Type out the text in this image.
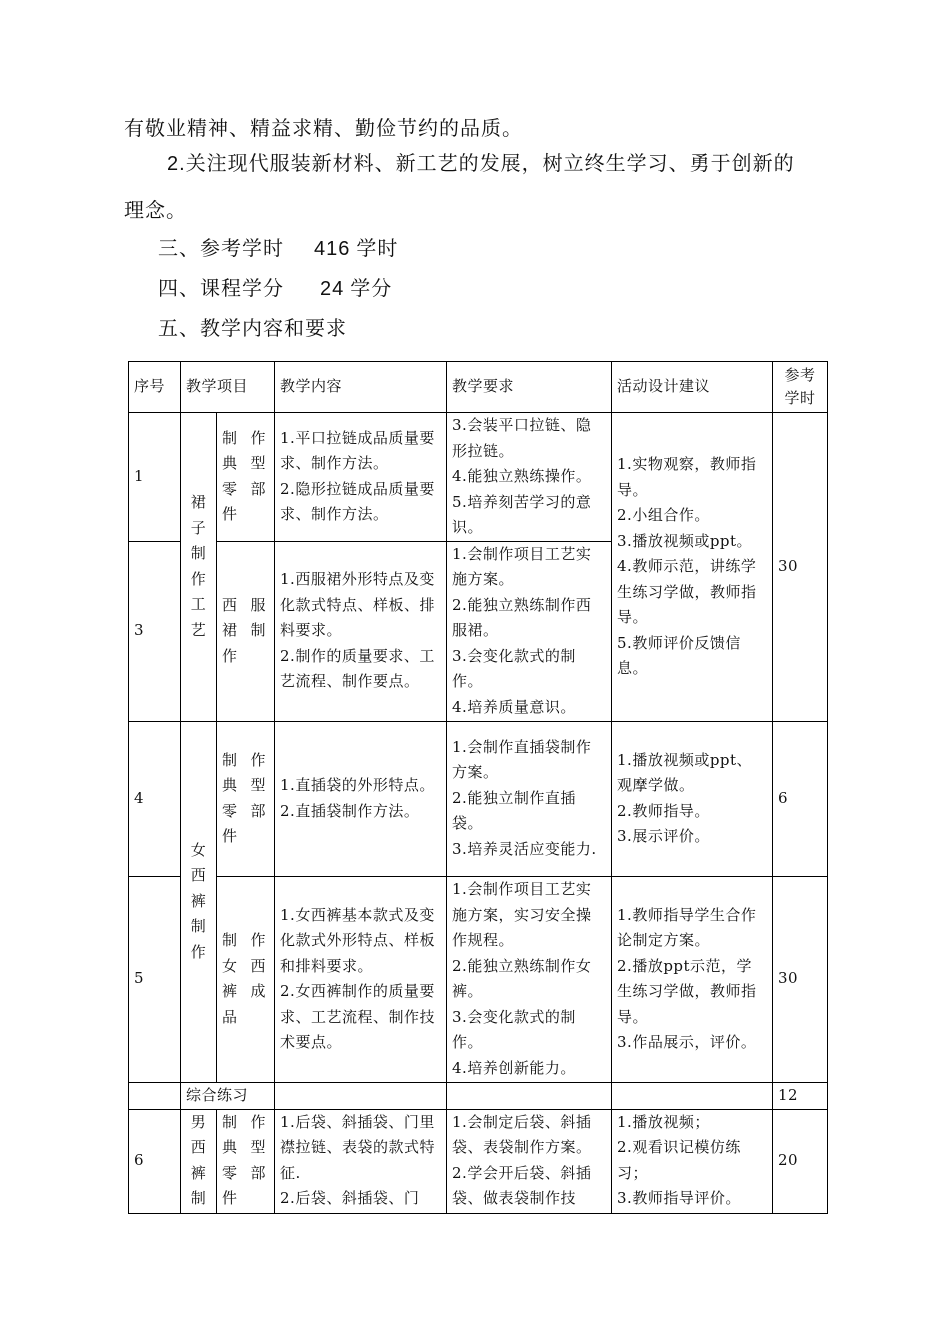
有敬业精神、精益求精、勤俭节约的品质。
2.关注现代服装新材料、新工艺的发展，树立终生学习、勇于创新的
理念。
三、参考学时 416 学时
四、课程学分 24 学分
五、教学内容和要求
序号	教学项目		教学内容	教学要求	活动设计建议	参考学时
1	裙子制作工艺	制作典型零部件	1.平口拉链成品质量要求、制作方法。
2.隐形拉链成品质量要求、制作方法。	3.会装平口拉链、隐形拉链。
4.能独立熟练操作。
5.培养刻苦学习的意识。	1.实物观察，教师指导。
2.小组合作。
3.播放视频或ppt。
4.教师示范，讲练学生练习学做，教师指导。
5.教师评价反馈信息。	30
3		西服裙制作	1.西服裙外形特点及变化款式特点、样板、排料要求。
2.制作的质量要求、工艺流程、制作要点。	1.会制作项目工艺实施方案。
2.能独立熟练制作西服裙。
3.会变化款式的制作。
4.培养质量意识。		
4	女西裤制作	制作典型零部件	1.直插袋的外形特点。
2.直插袋制作方法。	1.会制作直插袋制作方案。
2.能独立制作直插袋。
3.培养灵活应变能力.	1.播放视频或ppt、观摩学做。
2.教师指导。
3.展示评价。	6
5		制作女西裤成品	1.女西裤基本款式及变化款式外形特点、样板和排料要求。
2.女西裤制作的质量要求、工艺流程、制作技术要点。	1.会制作项目工艺实施方案，实习安全操作规程。
2.能独立熟练制作女裤。
3.会变化款式的制作。
4.培养创新能力。	1.教师指导学生合作论制定方案。
2.播放ppt示范，学生练习学做，教师指导。
3.作品展示，评价。	30
	综合练习					12
6	男西裤制	制作典型零部件	1.后袋、斜插袋、门里襟拉链、表袋的款式特征.
2.后袋、斜插袋、门	1.会制定后袋、斜插袋、表袋制作方案。
2.学会开后袋、斜插袋、做表袋制作技	1.播放视频；
2.观看识记模仿练习；
3.教师指导评价。	20
